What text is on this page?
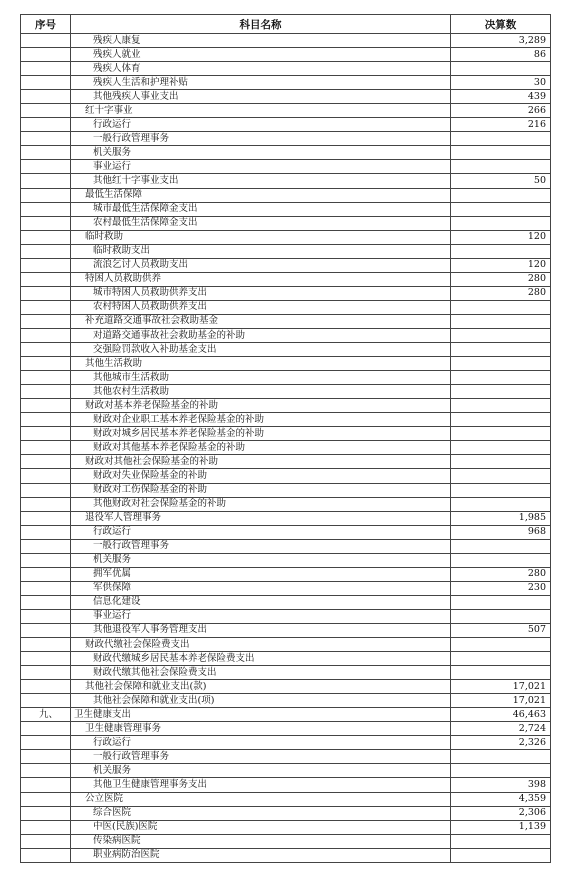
序号	科目名称	决算数
	残疾人康复	3,289
	残疾人就业	86
	残疾人体育	
	残疾人生活和护理补贴	30
	其他残疾人事业支出	439
	红十字事业	266
	行政运行	216
	一般行政管理事务	
	机关服务	
	事业运行	
	其他红十字事业支出	50
	最低生活保障	
	城市最低生活保障金支出	
	农村最低生活保障金支出	
	临时救助	120
	临时救助支出	
	流浪乞讨人员救助支出	120
	特困人员救助供养	280
	城市特困人员救助供养支出	280
	农村特困人员救助供养支出	
	补充道路交通事故社会救助基金	
	对道路交通事故社会救助基金的补助	
	交强险罚款收入补助基金支出	
	其他生活救助	
	其他城市生活救助	
	其他农村生活救助	
	财政对基本养老保险基金的补助	
	财政对企业职工基本养老保险基金的补助	
	财政对城乡居民基本养老保险基金的补助	
	财政对其他基本养老保险基金的补助	
	财政对其他社会保险基金的补助	
	财政对失业保险基金的补助	
	财政对工伤保险基金的补助	
	其他财政对社会保险基金的补助	
	退役军人管理事务	1,985
	行政运行	968
	一般行政管理事务	
	机关服务	
	拥军优属	280
	军供保障	230
	信息化建设	
	事业运行	
	其他退役军人事务管理支出	507
	财政代缴社会保险费支出	
	财政代缴城乡居民基本养老保险费支出	
	财政代缴其他社会保险费支出	
	其他社会保障和就业支出(款)	17,021
	其他社会保障和就业支出(项)	17,021
九、	卫生健康支出	46,463
	卫生健康管理事务	2,724
	行政运行	2,326
	一般行政管理事务	
	机关服务	
	其他卫生健康管理事务支出	398
	公立医院	4,359
	综合医院	2,306
	中医(民族)医院	1,139
	传染病医院	
	职业病防治医院	
